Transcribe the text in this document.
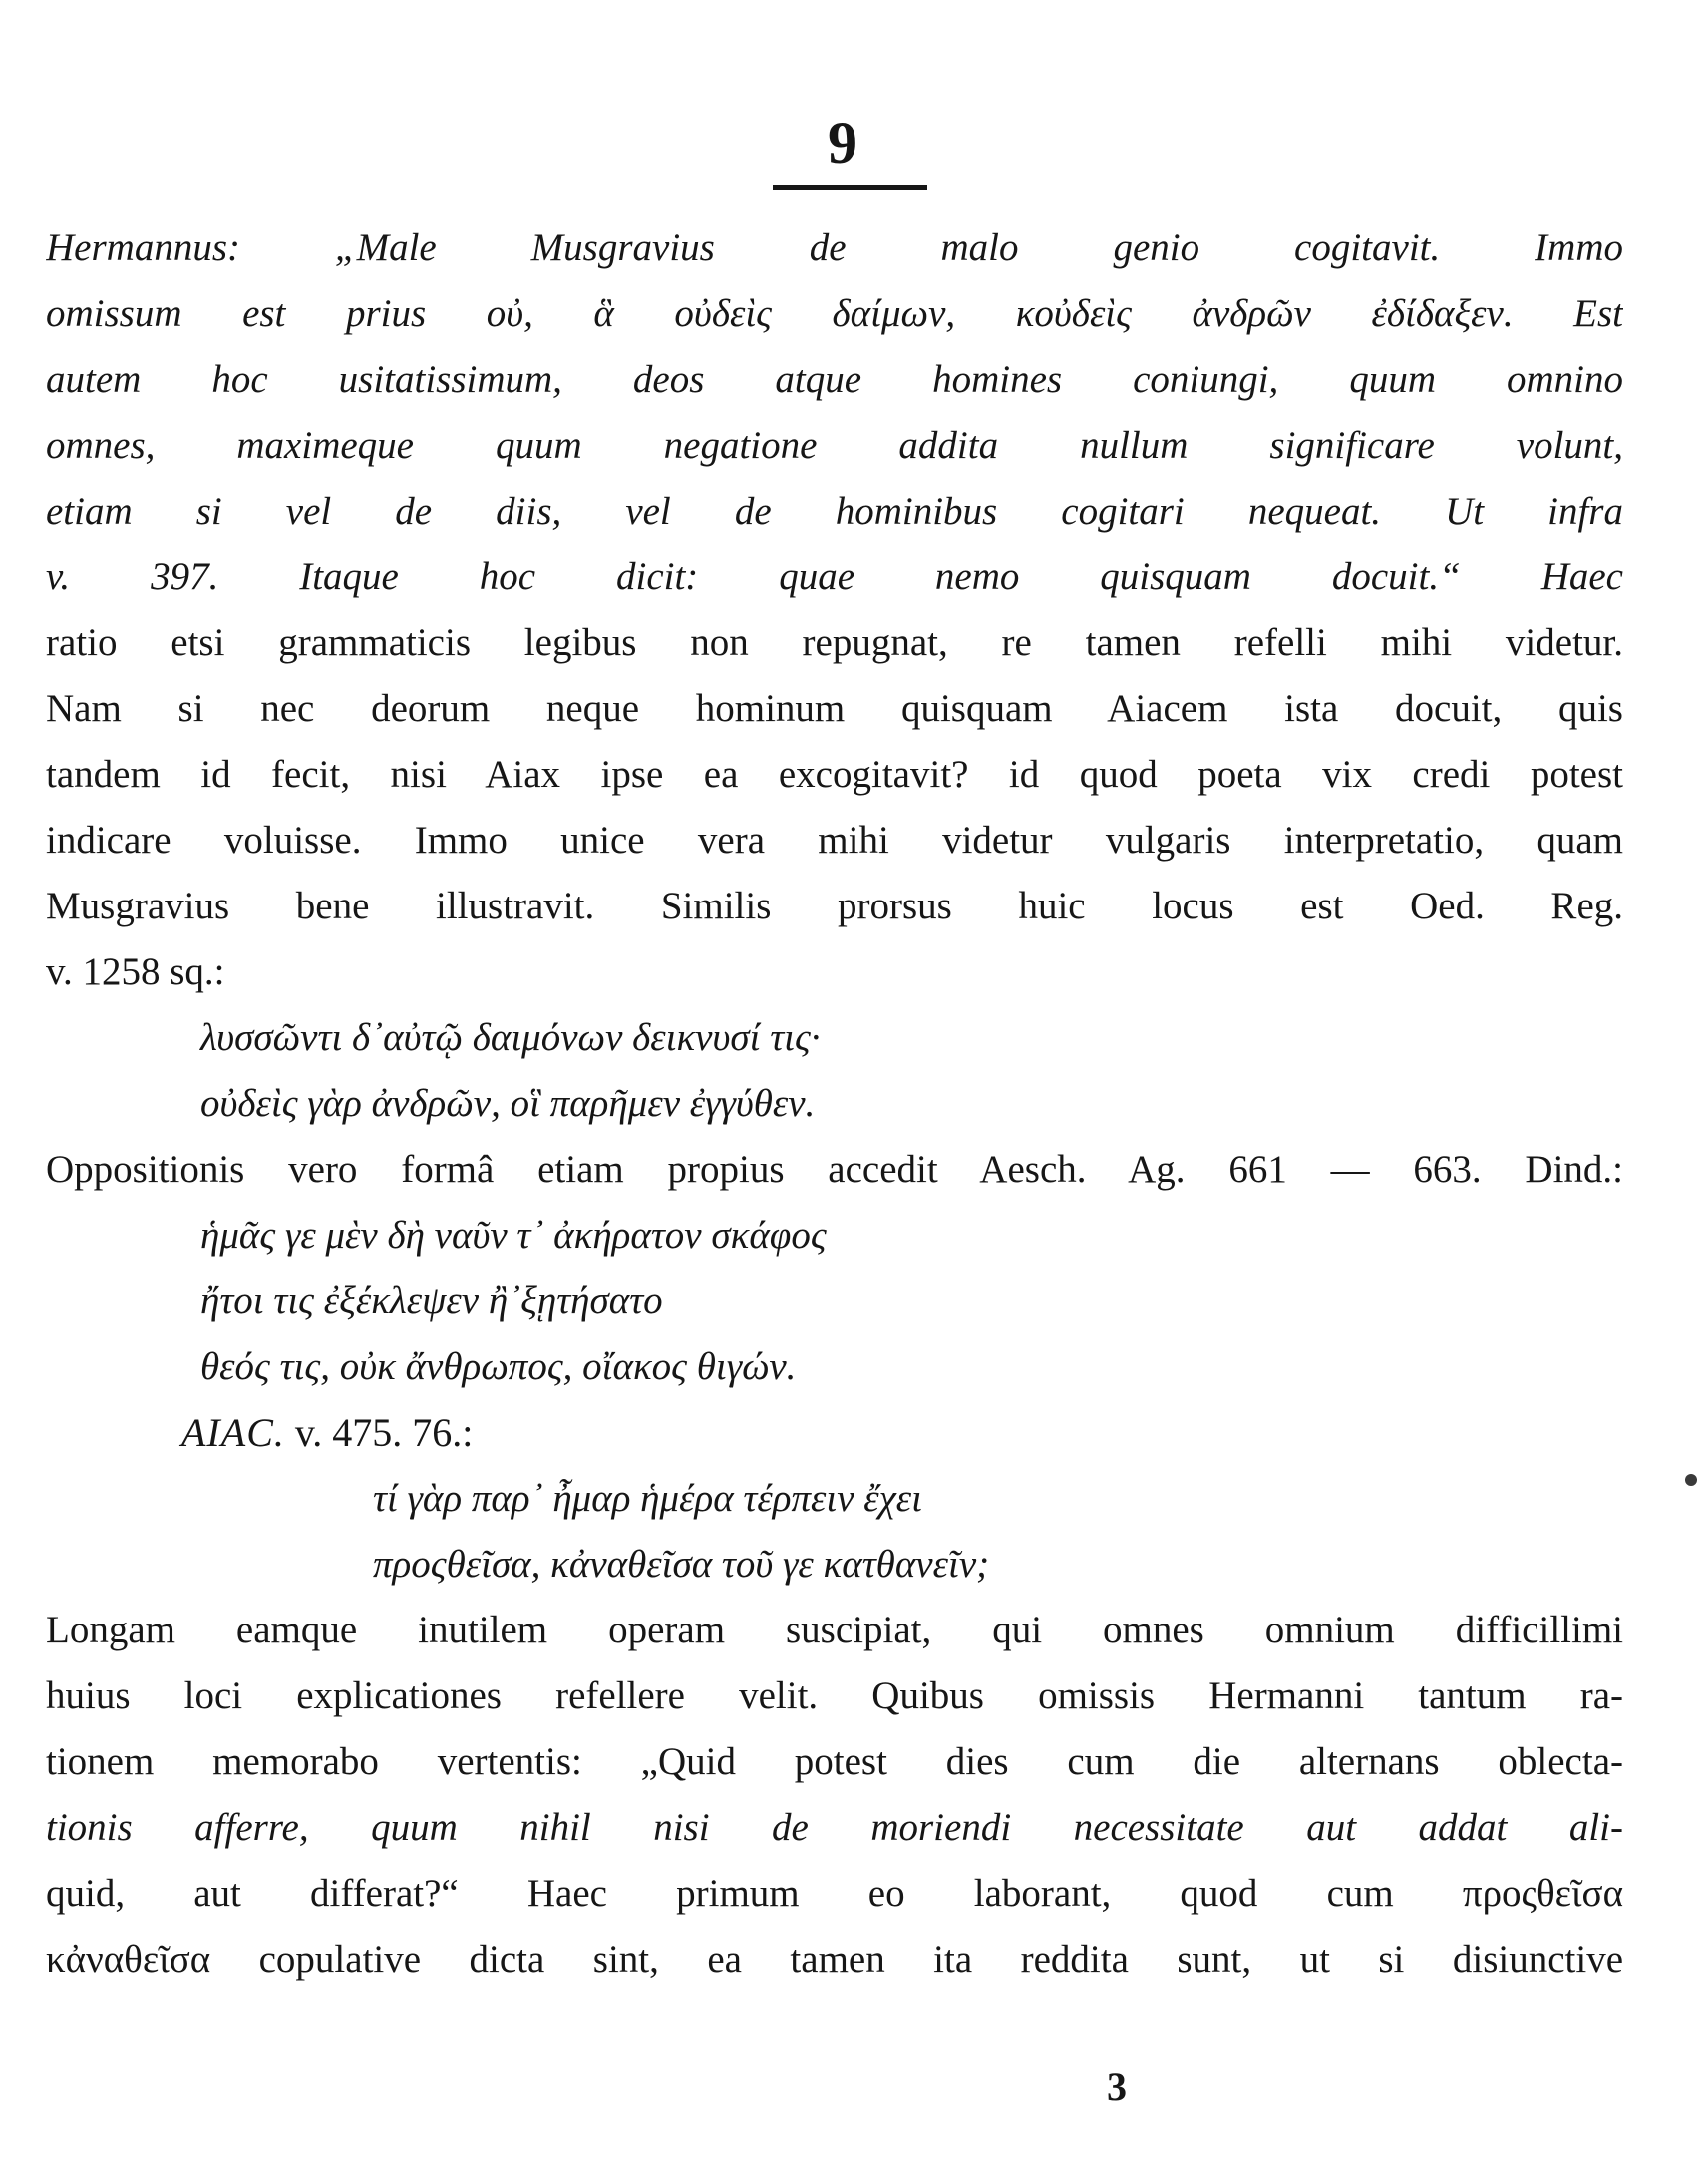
9
Hermannus: „Male Musgravius de malo genio cogitavit. Immo
omissum est prius οὐ, ἃ οὐδεὶς δαίμων, κοὐδεὶς ἀνδρῶν ἐδίδαξεν. Est
autem hoc usitatissimum, deos atque homines coniungi, quum omnino
omnes, maximeque quum negatione addita nullum significare volunt,
etiam si vel de diis, vel de hominibus cogitari nequeat. Ut infra
v. 397. Itaque hoc dicit: quae nemo quisquam docuit.“ Haec
ratio etsi grammaticis legibus non repugnat, re tamen refelli mihi videtur.
Nam si nec deorum neque hominum quisquam Aiacem ista docuit, quis
tandem id fecit, nisi Aiax ipse ea excogitavit? id quod poeta vix credi potest
indicare voluisse. Immo unice vera mihi videtur vulgaris interpretatio, quam
Musgravius bene illustravit. Similis prorsus huic locus est Oed. Reg.
v. 1258 sq.:
λυσσῶντι δ᾽αὐτῷ δαιμόνων δεικνυσί τις·
οὐδεὶς γὰρ ἀνδρῶν, οἳ παρῆμεν ἐγγύθεν.
Oppositionis vero formâ etiam propius accedit Aesch. Ag. 661 — 663. Dind.:
ἡμᾶς γε μὲν δὴ ναῦν τ᾽ ἀκήρατον σκάφος
ἤτοι τις ἐξέκλεψεν ἢ᾽ξῃτήσατο
θεός τις, οὐκ ἄνθρωπος, οἴακος θιγών.
AIAC. v. 475. 76.:
τί γὰρ παρ᾽ ἦμαρ ἡμέρα τέρπειν ἔχει
προςθεῖσα, κἀναθεῖσα τοῦ γε κατθανεῖν;
Longam eamque inutilem operam suscipiat, qui omnes omnium difficillimi
huius loci explicationes refellere velit. Quibus omissis Hermanni tantum ra-
tionem memorabo vertentis: „Quid potest dies cum die alternans oblecta-
tionis afferre, quum nihil nisi de moriendi necessitate aut addat ali-
quid, aut differat?“ Haec primum eo laborant, quod cum προςθεῖσα
κἀναθεῖσα copulative dicta sint, ea tamen ita reddita sunt, ut si disiunctive
3
